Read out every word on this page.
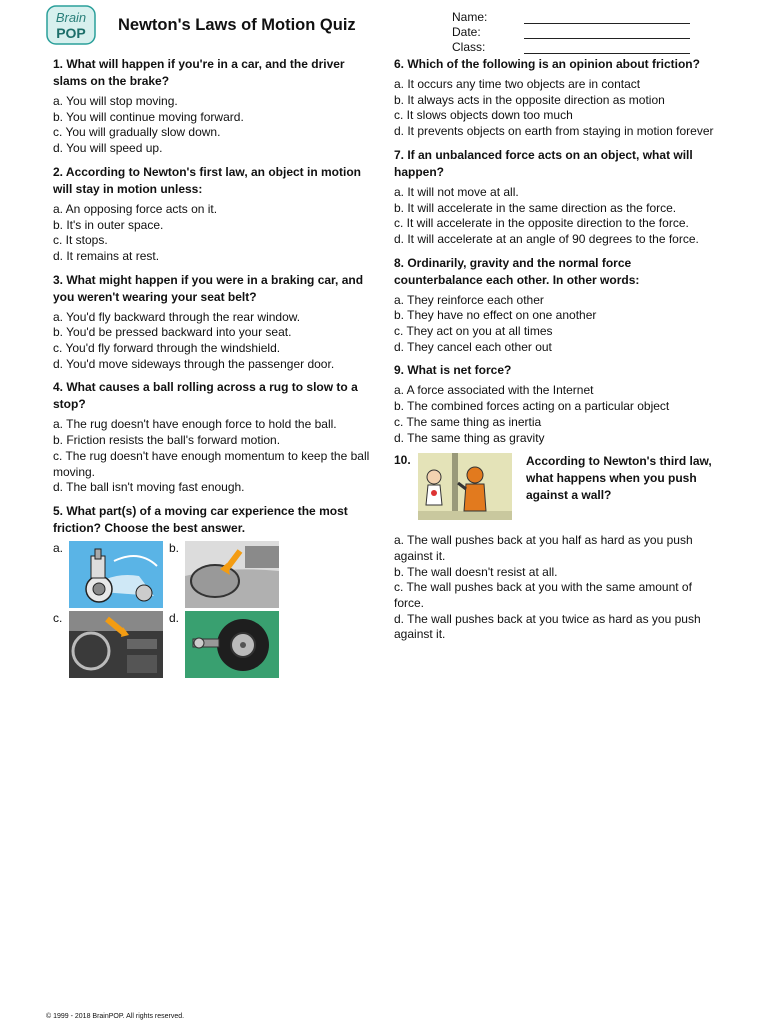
Brain
POP Newton's Laws of Motion Quiz	Name:
Date:
Class:
1. What will happen if you're in a car, and the driver slams on the brake?
a. You will stop moving.
b. You will continue moving forward.
c. You will gradually slow down.
d. You will speed up.
2. According to Newton's first law, an object in motion will stay in motion unless:
a. An opposing force acts on it.
b. It's in outer space.
c. It stops.
d. It remains at rest.
3. What might happen if you were in a braking car, and you weren't wearing your seat belt?
a. You'd fly backward through the rear window.
b. You'd be pressed backward into your seat.
c. You'd fly forward through the windshield.
d. You'd move sideways through the passenger door.
4. What causes a ball rolling across a rug to slow to a stop?
a. The rug doesn't have enough force to hold the ball.
b. Friction resists the ball's forward motion.
c. The rug doesn't have enough momentum to keep the ball moving.
d. The ball isn't moving fast enough.
5. What part(s) of a moving car experience the most friction? Choose the best answer.
a.	b.
c.	d.
6. Which of the following is an opinion about friction?
a. It occurs any time two objects are in contact
b. It always acts in the opposite direction as motion
c. It slows objects down too much
d. It prevents objects on earth from staying in motion forever
7. If an unbalanced force acts on an object, what will happen?
a. It will not move at all.
b. It will accelerate in the same direction as the force.
c. It will accelerate in the opposite direction to the force.
d. It will accelerate at an angle of 90 degrees to the force.
8. Ordinarily, gravity and the normal force counterbalance each other. In other words:
a. They reinforce each other
b. They have no effect on one another
c. They act on you at all times
d. They cancel each other out
9. What is net force?
a. A force associated with the Internet
b. The combined forces acting on a particular object
c. The same thing as inertia
d. The same thing as gravity
10.	According to Newton's third law, what happens when you push against a wall?
a. The wall pushes back at you half as hard as you push against it.
b. The wall doesn't resist at all.
c. The wall pushes back at you with the same amount of force.
d. The wall pushes back at you twice as hard as you push against it.
© 1999 - 2018 BrainPOP. All rights reserved.
